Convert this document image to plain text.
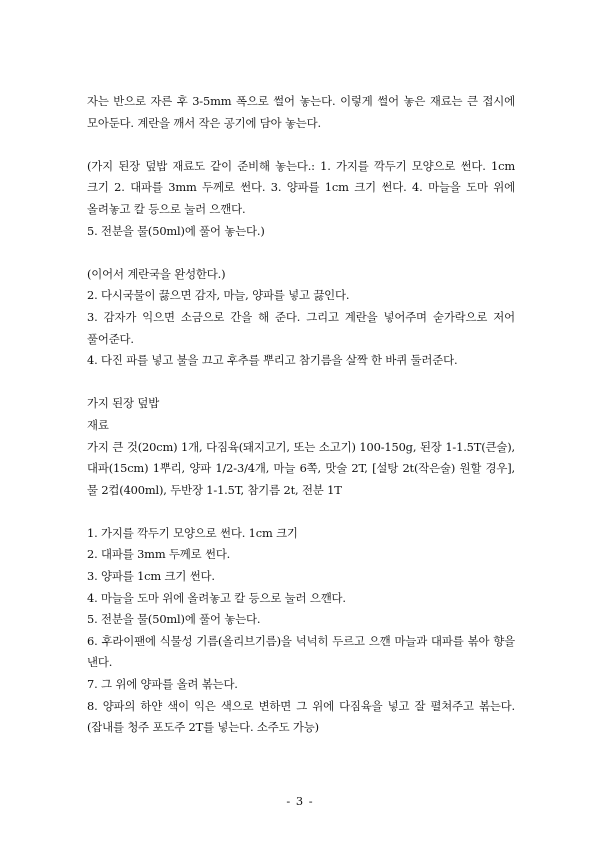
자는 반으로 자른 후 3-5mm 폭으로 썰어 놓는다. 이렇게 썰어 놓은 재료는 큰 접시에 모아둔다. 계란을 깨서 작은 공기에 담아 놓는다.

(가지 된장 덮밥 재료도 같이 준비해 놓는다.: 1. 가지를 깍두기 모양으로 썬다. 1cm 크기 2. 대파를 3mm 두께로 썬다. 3. 양파를 1cm 크기 썬다. 4. 마늘을 도마 위에 올려놓고 칼 등으로 눌러 으깬다.

5. 전분을 물(50ml)에 풀어 놓는다.)

(이어서 계란국을 완성한다.)

2. 다시국물이 끓으면 감자, 마늘, 양파를 넣고 끓인다.

3. 감자가 익으면 소금으로 간을 해 준다. 그리고 계란을 넣어주며 숟가락으로 저어 풀어준다.

4. 다진 파를 넣고 불을 끄고 후추를 뿌리고 참기름을 살짝 한 바퀴 둘러준다.

가지 된장 덮밥

재료

가지 큰 것(20cm) 1개, 다짐육(돼지고기, 또는 소고기) 100-150g, 된장 1-1.5T(큰술), 대파(15cm) 1뿌리, 양파 1/2-3/4개, 마늘 6쪽, 맛술 2T, [설탕 2t(작은술) 원할 경우], 물 2컵(400ml), 두반장 1-1.5T, 참기름 2t, 전분 1T

1. 가지를 깍두기 모양으로 썬다. 1cm 크기

2. 대파를 3mm 두께로 썬다.

3. 양파를 1cm 크기 썬다.

4. 마늘을 도마 위에 올려놓고 칼 등으로 눌러 으깬다.

5. 전분을 물(50ml)에 풀어 놓는다.

6. 후라이팬에 식물성 기름(올리브기름)을 넉넉히 두르고 으깬 마늘과 대파를 볶아 향을 낸다.

7. 그 위에 양파를 올려 볶는다.

8. 양파의 하얀 색이 익은 색으로 변하면 그 위에 다짐육을 넣고 잘 펼쳐주고 볶는다. (잡내를 청주 포도주 2T를 넣는다. 소주도 가능)

- 3 -
